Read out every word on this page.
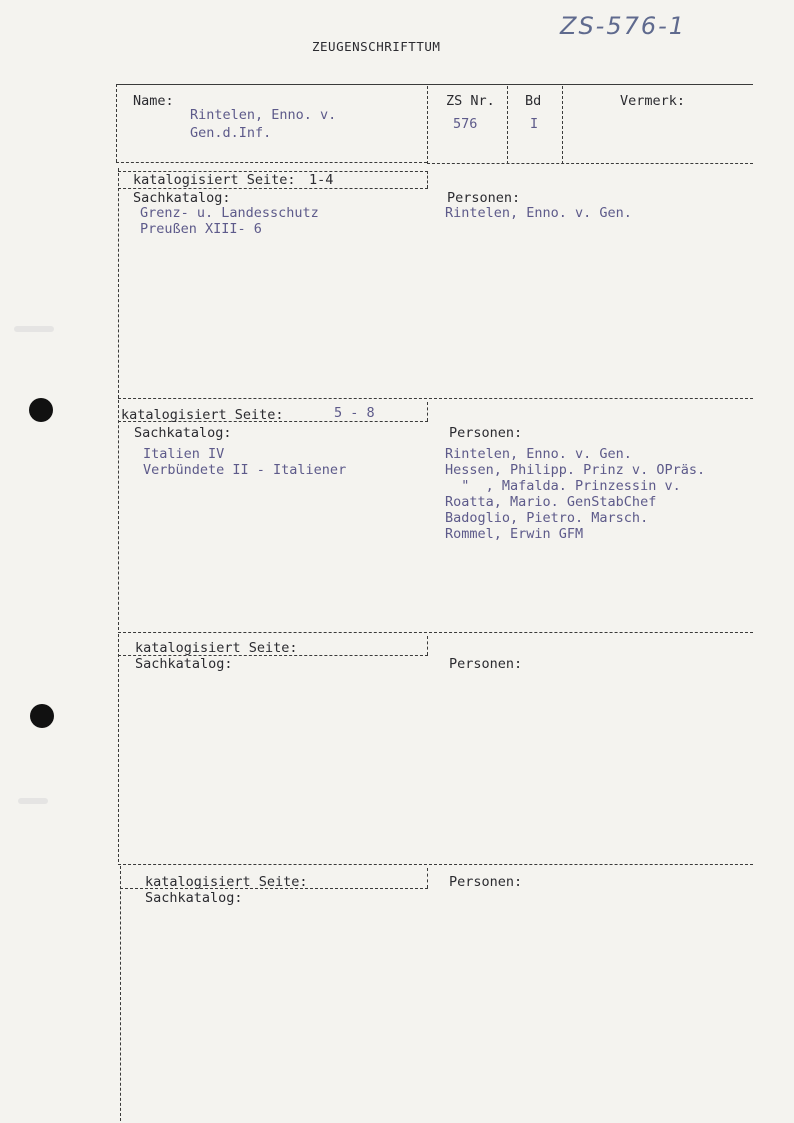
ZEUGENSCHRIFTTUM
ZS-576-1
Name:
Rintelen, Enno. v.
Gen.d.Inf.
ZS Nr.
576
Bd
I
Vermerk:
katalogisiert Seite: 1-4
Sachkatalog:
Grenz- u. Landesschutz
Preußen XIII- 6
Personen:
Rintelen, Enno. v. Gen.
katalogisiert Seite:	5 - 8
Sachkatalog:
Italien IV
Verbündete II - Italiener
Personen:
Rintelen, Enno. v. Gen.
Hessen, Philipp. Prinz v. OPräs.
"  , Mafalda. Prinzessin v.
Roatta, Mario. GenStabChef
Badoglio, Pietro. Marsch.
Rommel, Erwin GFM
katalogisiert Seite:
Sachkatalog:	Personen:
katalogisiert Seite:
Sachkatalog:
Personen:
